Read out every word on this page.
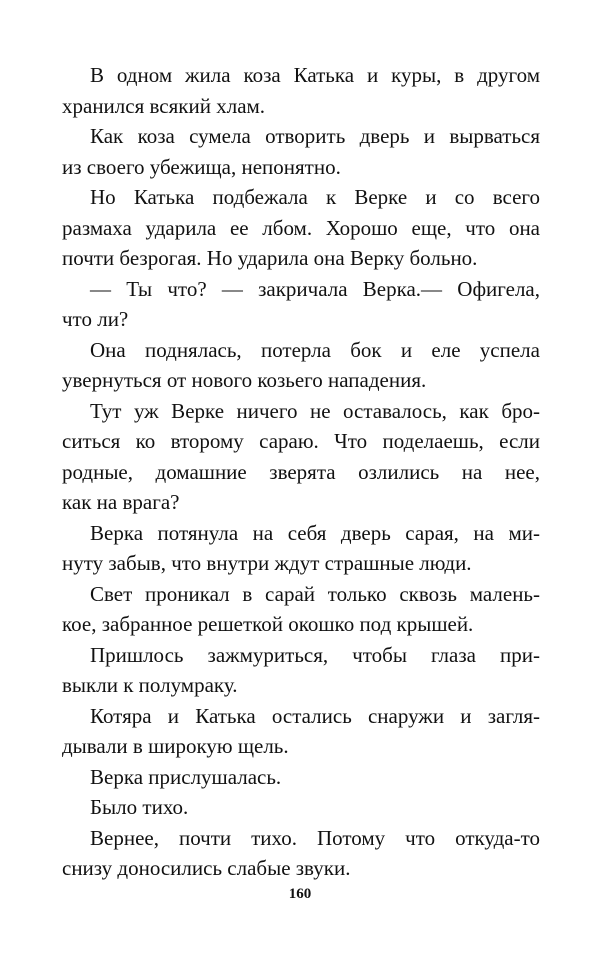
В одном жила коза Катька и куры, в другом
хранился всякий хлам.
Как коза сумела отворить дверь и вырваться
из своего убежища, непонятно.
Но Катька подбежала к Верке и со всего
размаха ударила ее лбом. Хорошо еще, что она
почти безрогая. Но ударила она Верку больно.
— Ты что? — закричала Верка.— Офигела,
что ли?
Она поднялась, потерла бок и еле успела
увернуться от нового козьего нападения.
Тут уж Верке ничего не оставалось, как бро-
ситься ко второму сараю. Что поделаешь, если
родные, домашние зверята озлились на нее,
как на врага?
Верка потянула на себя дверь сарая, на ми-
нуту забыв, что внутри ждут страшные люди.
Свет проникал в сарай только сквозь малень-
кое, забранное решеткой окошко под крышей.
Пришлось зажмуриться, чтобы глаза при-
выкли к полумраку.
Котяра и Катька остались снаружи и загля-
дывали в широкую щель.
Верка прислушалась.
Было тихо.
Вернее, почти тихо. Потому что откуда-то
снизу доносились слабые звуки.
160
